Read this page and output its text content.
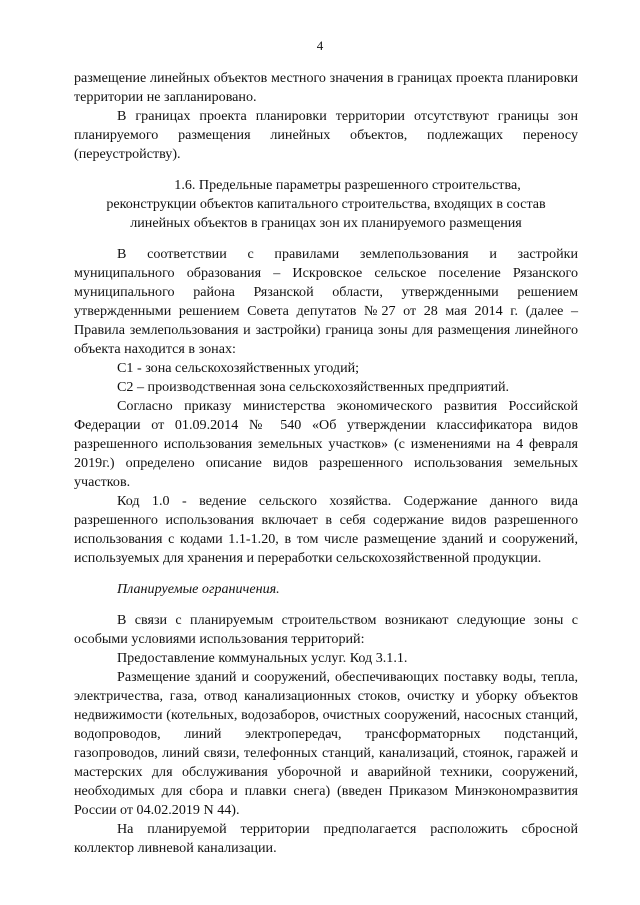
4

размещение линейных объектов местного значения в границах проекта планировки территории не запланировано.

В границах проекта планировки территории отсутствуют границы зон планируемого размещения линейных объектов, подлежащих переносу (переустройству).

1.6. Предельные параметры разрешенного строительства, реконструкции объектов капитального строительства, входящих в состав линейных объектов в границах зон их планируемого размещения

В соответствии с правилами землепользования и застройки муниципального образования – Искровское сельское поселение Рязанского муниципального района Рязанской области, утвержденными решением утвержденными решением Совета депутатов №27 от 28 мая 2014 г. (далее – Правила землепользования и застройки) граница зоны для размещения линейного объекта находится в зонах:

С1 - зона сельскохозяйственных угодий;

С2 – производственная зона сельскохозяйственных предприятий.

Согласно приказу министерства экономического развития Российской Федерации от 01.09.2014 № 540 «Об утверждении классификатора видов разрешенного использования земельных участков» (с изменениями на 4 февраля 2019г.) определено описание видов разрешенного использования земельных участков.

Код 1.0 - ведение сельского хозяйства. Содержание данного вида разрешенного использования включает в себя содержание видов разрешенного использования с кодами 1.1-1.20, в том числе размещение зданий и сооружений, используемых для хранения и переработки сельскохозяйственной продукции.

Планируемые ограничения.

В связи с планируемым строительством возникают следующие зоны с особыми условиями использования территорий:

Предоставление коммунальных услуг. Код 3.1.1.

Размещение зданий и сооружений, обеспечивающих поставку воды, тепла, электричества, газа, отвод канализационных стоков, очистку и уборку объектов недвижимости (котельных, водозаборов, очистных сооружений, насосных станций, водопроводов, линий электропередач, трансформаторных подстанций, газопроводов, линий связи, телефонных станций, канализаций, стоянок, гаражей и мастерских для обслуживания уборочной и аварийной техники, сооружений, необходимых для сбора и плавки снега) (введен Приказом Минэкономразвития России от 04.02.2019 N 44).

На планируемой территории предполагается расположить сбросной коллектор ливневой канализации.
